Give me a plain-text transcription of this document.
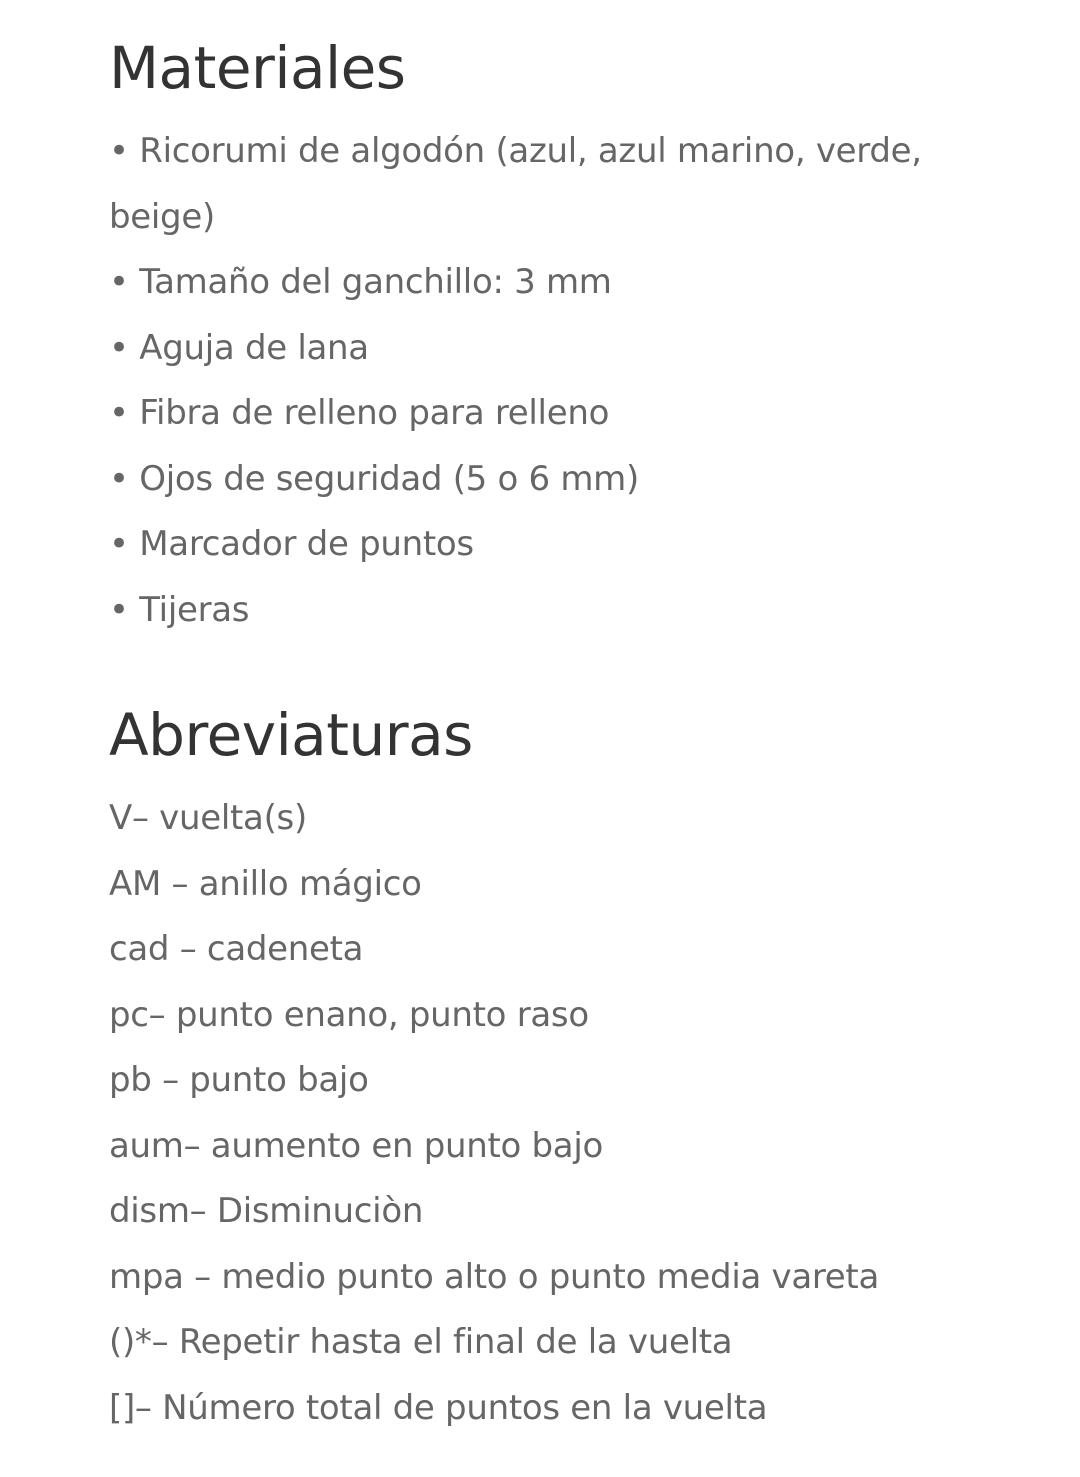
Materiales
• Ricorumi de algodón (azul, azul marino, verde, beige)
• Tamaño del ganchillo: 3 mm
• Aguja de lana
• Fibra de relleno para relleno
• Ojos de seguridad (5 o 6 mm)
• Marcador de puntos
• Tijeras
Abreviaturas
V– vuelta(s)
AM – anillo mágico
cad – cadeneta
pc– punto enano, punto raso
pb – punto bajo
aum– aumento en punto bajo
dism– Disminuciòn
mpa – medio punto alto o punto media vareta
()*– Repetir hasta el final de la vuelta
[]– Número total de puntos en la vuelta
